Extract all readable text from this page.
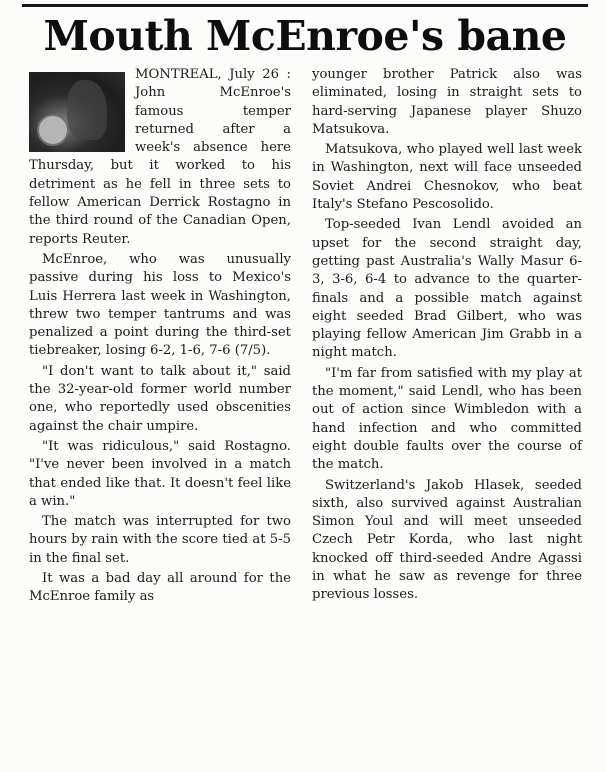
Mouth McEnroe's bane

MONTREAL, July 26 : John McEnroe's famous temper returned after a week's absence here Thursday, but it worked to his detriment as he fell in three sets to fellow American Derrick Rostagno in the third round of the Canadian Open, reports Reuter.

McEnroe, who was unusually passive during his loss to Mexico's Luis Herrera last week in Washington, threw two temper tantrums and was penalized a point during the third-set tiebreaker, losing 6-2, 1-6, 7-6 (7/5).

"I don't want to talk about it," said the 32-year-old former world number one, who reportedly used obscenities against the chair umpire.

"It was ridiculous," said Rostagno. "I've never been involved in a match that ended like that. It doesn't feel like a win."

The match was interrupted for two hours by rain with the score tied at 5-5 in the final set.

It was a bad day all around for the McEnroe family as

younger brother Patrick also was eliminated, losing in straight sets to hard-serving Japanese player Shuzo Matsukova.

Matsukova, who played well last week in Washington, next will face unseeded Soviet Andrei Chesnokov, who beat Italy's Stefano Pescosolido.

Top-seeded Ivan Lendl avoided an upset for the second straight day, getting past Australia's Wally Masur 6-3, 3-6, 6-4 to advance to the quarter-finals and a possible match against eight seeded Brad Gilbert, who was playing fellow American Jim Grabb in a night match.

"I'm far from satisfied with my play at the moment," said Lendl, who has been out of action since Wimbledon with a hand infection and who committed eight double faults over the course of the match.

Switzerland's Jakob Hlasek, seeded sixth, also survived against Australian Simon Youl and will meet unseeded Czech Petr Korda, who last night knocked off third-seeded Andre Agassi in what he saw as revenge for three previous losses.
